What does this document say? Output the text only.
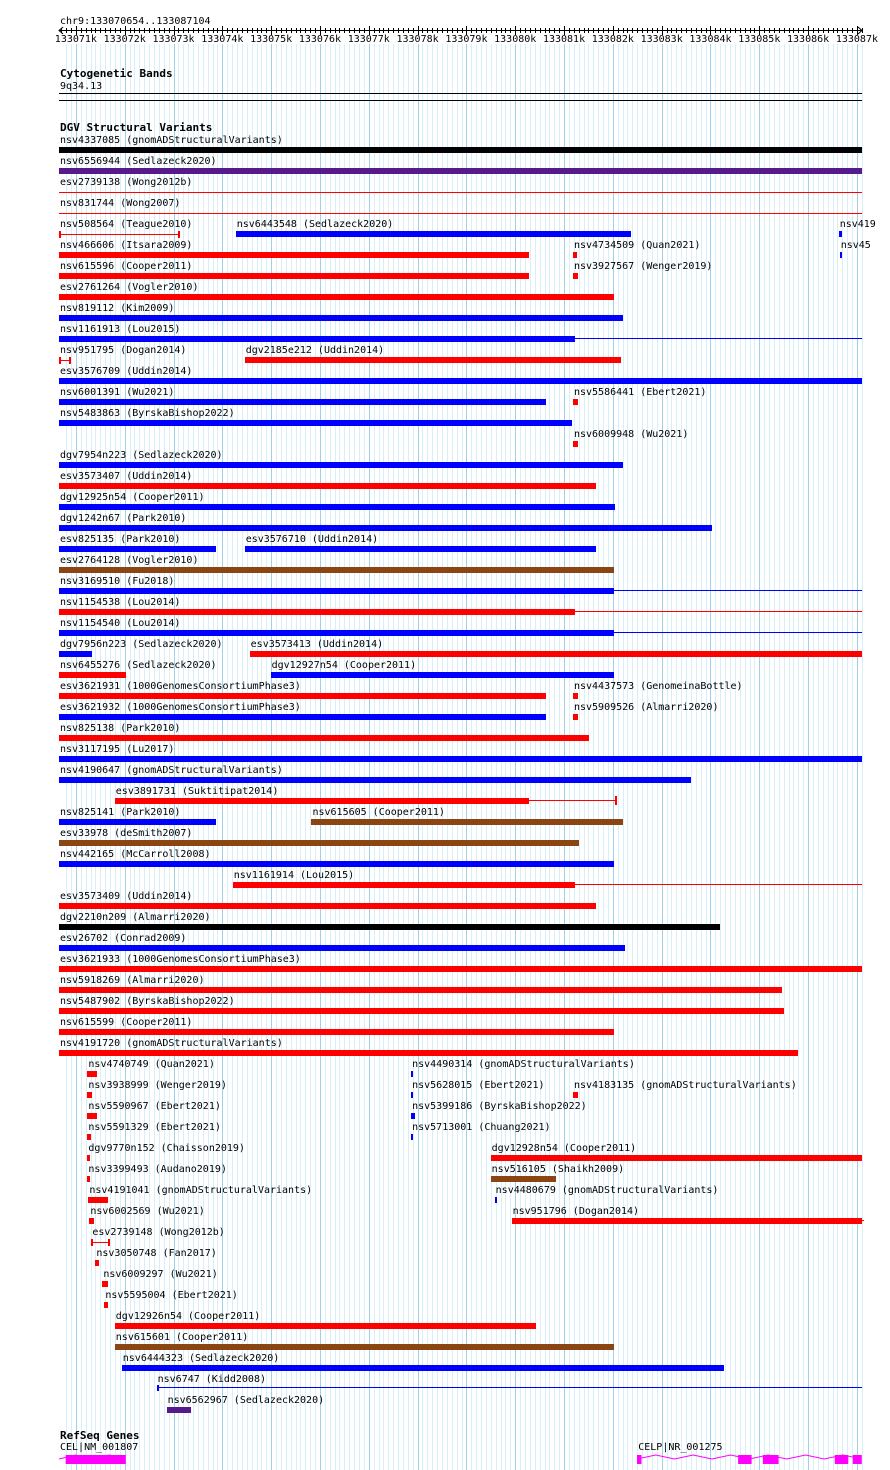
chr9:133070654..133087104
133071k 133072k 133073k 133074k 133075k 133076k 133077k 133078k 133079k 133080k 133081k 133082k 133083k 133084k 133085k 133086k 133087k
Cytogenetic Bands
9q34.13
DGV Structural Variants
nsv4337085 (gnomADStructuralVariants)
nsv6556944 (Sedlazeck2020)
esv2739138 (Wong2012b)
nsv831744 (Wong2007)
nsv508564 (Teague2010)	nsv6443548 (Sedlazeck2020)	nsv419
nsv466606 (Itsara2009)	nsv4734509 (Quan2021)	nsv45
nsv615596 (Cooper2011)	nsv3927567 (Wenger2019)
esv2761264 (Vogler2010)
nsv819112 (Kim2009)
nsv1161913 (Lou2015)
nsv951795 (Dogan2014)	dgv2185e212 (Uddin2014)
esv3576709 (Uddin2014)
nsv6001391 (Wu2021)	nsv5586441 (Ebert2021)
nsv5483863 (ByrskaBishop2022)
nsv6009948 (Wu2021)
dgv7954n223 (Sedlazeck2020)
esv3573407 (Uddin2014)
dgv12925n54 (Cooper2011)
dgv1242n67 (Park2010)
esv825135 (Park2010)	esv3576710 (Uddin2014)
esv2764128 (Vogler2010)
nsv3169510 (Fu2018)
nsv1154538 (Lou2014)
nsv1154540 (Lou2014)
dgv7956n223 (Sedlazeck2020)	esv3573413 (Uddin2014)
nsv6455276 (Sedlazeck2020)	dgv12927n54 (Cooper2011)
esv3621931 (1000GenomesConsortiumPhase3)	nsv4437573 (GenomeinaBottle)
esv3621932 (1000GenomesConsortiumPhase3)	nsv5909526 (Almarri2020)
nsv825138 (Park2010)
nsv3117195 (Lu2017)
nsv4190647 (gnomADStructuralVariants)
esv3891731 (Suktitipat2014)
nsv825141 (Park2010)	nsv615605 (Cooper2011)
esv33978 (deSmith2007)
nsv442165 (McCarroll2008)
nsv1161914 (Lou2015)
esv3573409 (Uddin2014)
dgv2210n209 (Almarri2020)
esv26702 (Conrad2009)
esv3621933 (1000GenomesConsortiumPhase3)
nsv5918269 (Almarri2020)
nsv5487902 (ByrskaBishop2022)
nsv615599 (Cooper2011)
nsv4191720 (gnomADStructuralVariants)
nsv4740749 (Quan2021)	nsv4490314 (gnomADStructuralVariants)
nsv3938999 (Wenger2019)	nsv5628015 (Ebert2021)	nsv4183135 (gnomADStructuralVariants)
nsv5590967 (Ebert2021)	nsv5399186 (ByrskaBishop2022)
nsv5591329 (Ebert2021)	nsv5713001 (Chuang2021)
dgv9770n152 (Chaisson2019)	dgv12928n54 (Cooper2011)
nsv3399493 (Audano2019)	nsv516105 (Shaikh2009)
nsv4191041 (gnomADStructuralVariants)	nsv4480679 (gnomADStructuralVariants)
nsv6002569 (Wu2021)	nsv951796 (Dogan2014)
esv2739148 (Wong2012b)
nsv3050748 (Fan2017)
nsv6009297 (Wu2021)
nsv5595004 (Ebert2021)
dgv12926n54 (Cooper2011)
nsv615601 (Cooper2011)
nsv6444323 (Sedlazeck2020)
nsv6747 (Kidd2008)
nsv6562967 (Sedlazeck2020)
RefSeq Genes
CEL|NM_001807	CELP|NR_001275
